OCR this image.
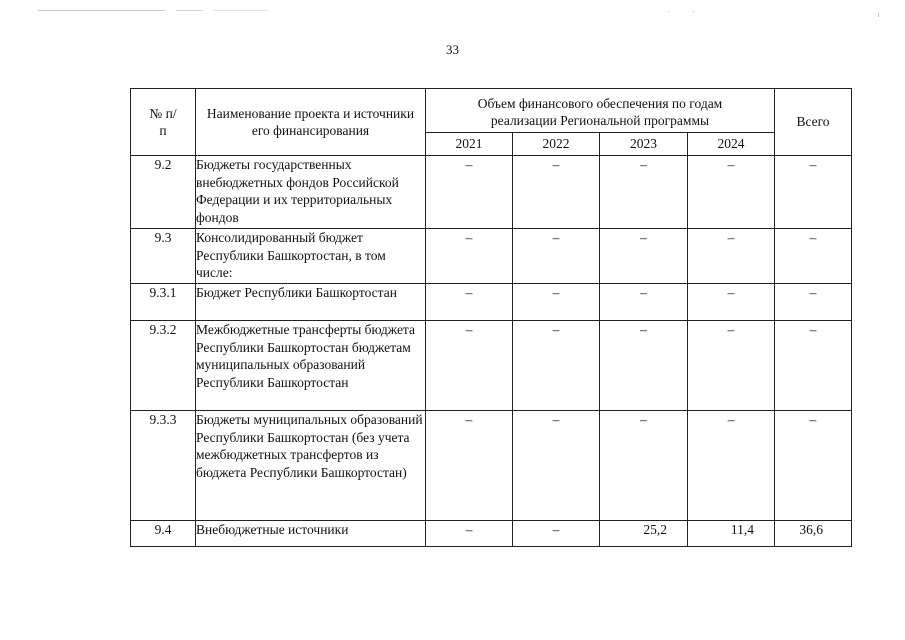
33
№ п/п	Наименование проекта и источники его финансирования	Объем финансового обеспечения по годам реализации Региональной программы				Всего
		2021	2022	2023	2024	
9.2	Бюджеты государственных внебюджетных фондов Российской Федерации и их территориальных фондов	–	–	–	–	–
9.3	Консолидированный бюджет Республики Башкортостан, в том числе:	–	–	–	–	–
9.3.1	Бюджет Республики Башкортостан	–	–	–	–	–
9.3.2	Межбюджетные трансферты бюджета Республики Башкортостан бюджетам муниципальных образований Республики Башкортостан	–	–	–	–	–
9.3.3	Бюджеты муниципальных образований Республики Башкортостан (без учета межбюджетных трансфертов из бюджета Республики Башкортостан)	–	–	–	–	–
9.4	Внебюджетные источники	–	–	25,2	11,4	36,6
